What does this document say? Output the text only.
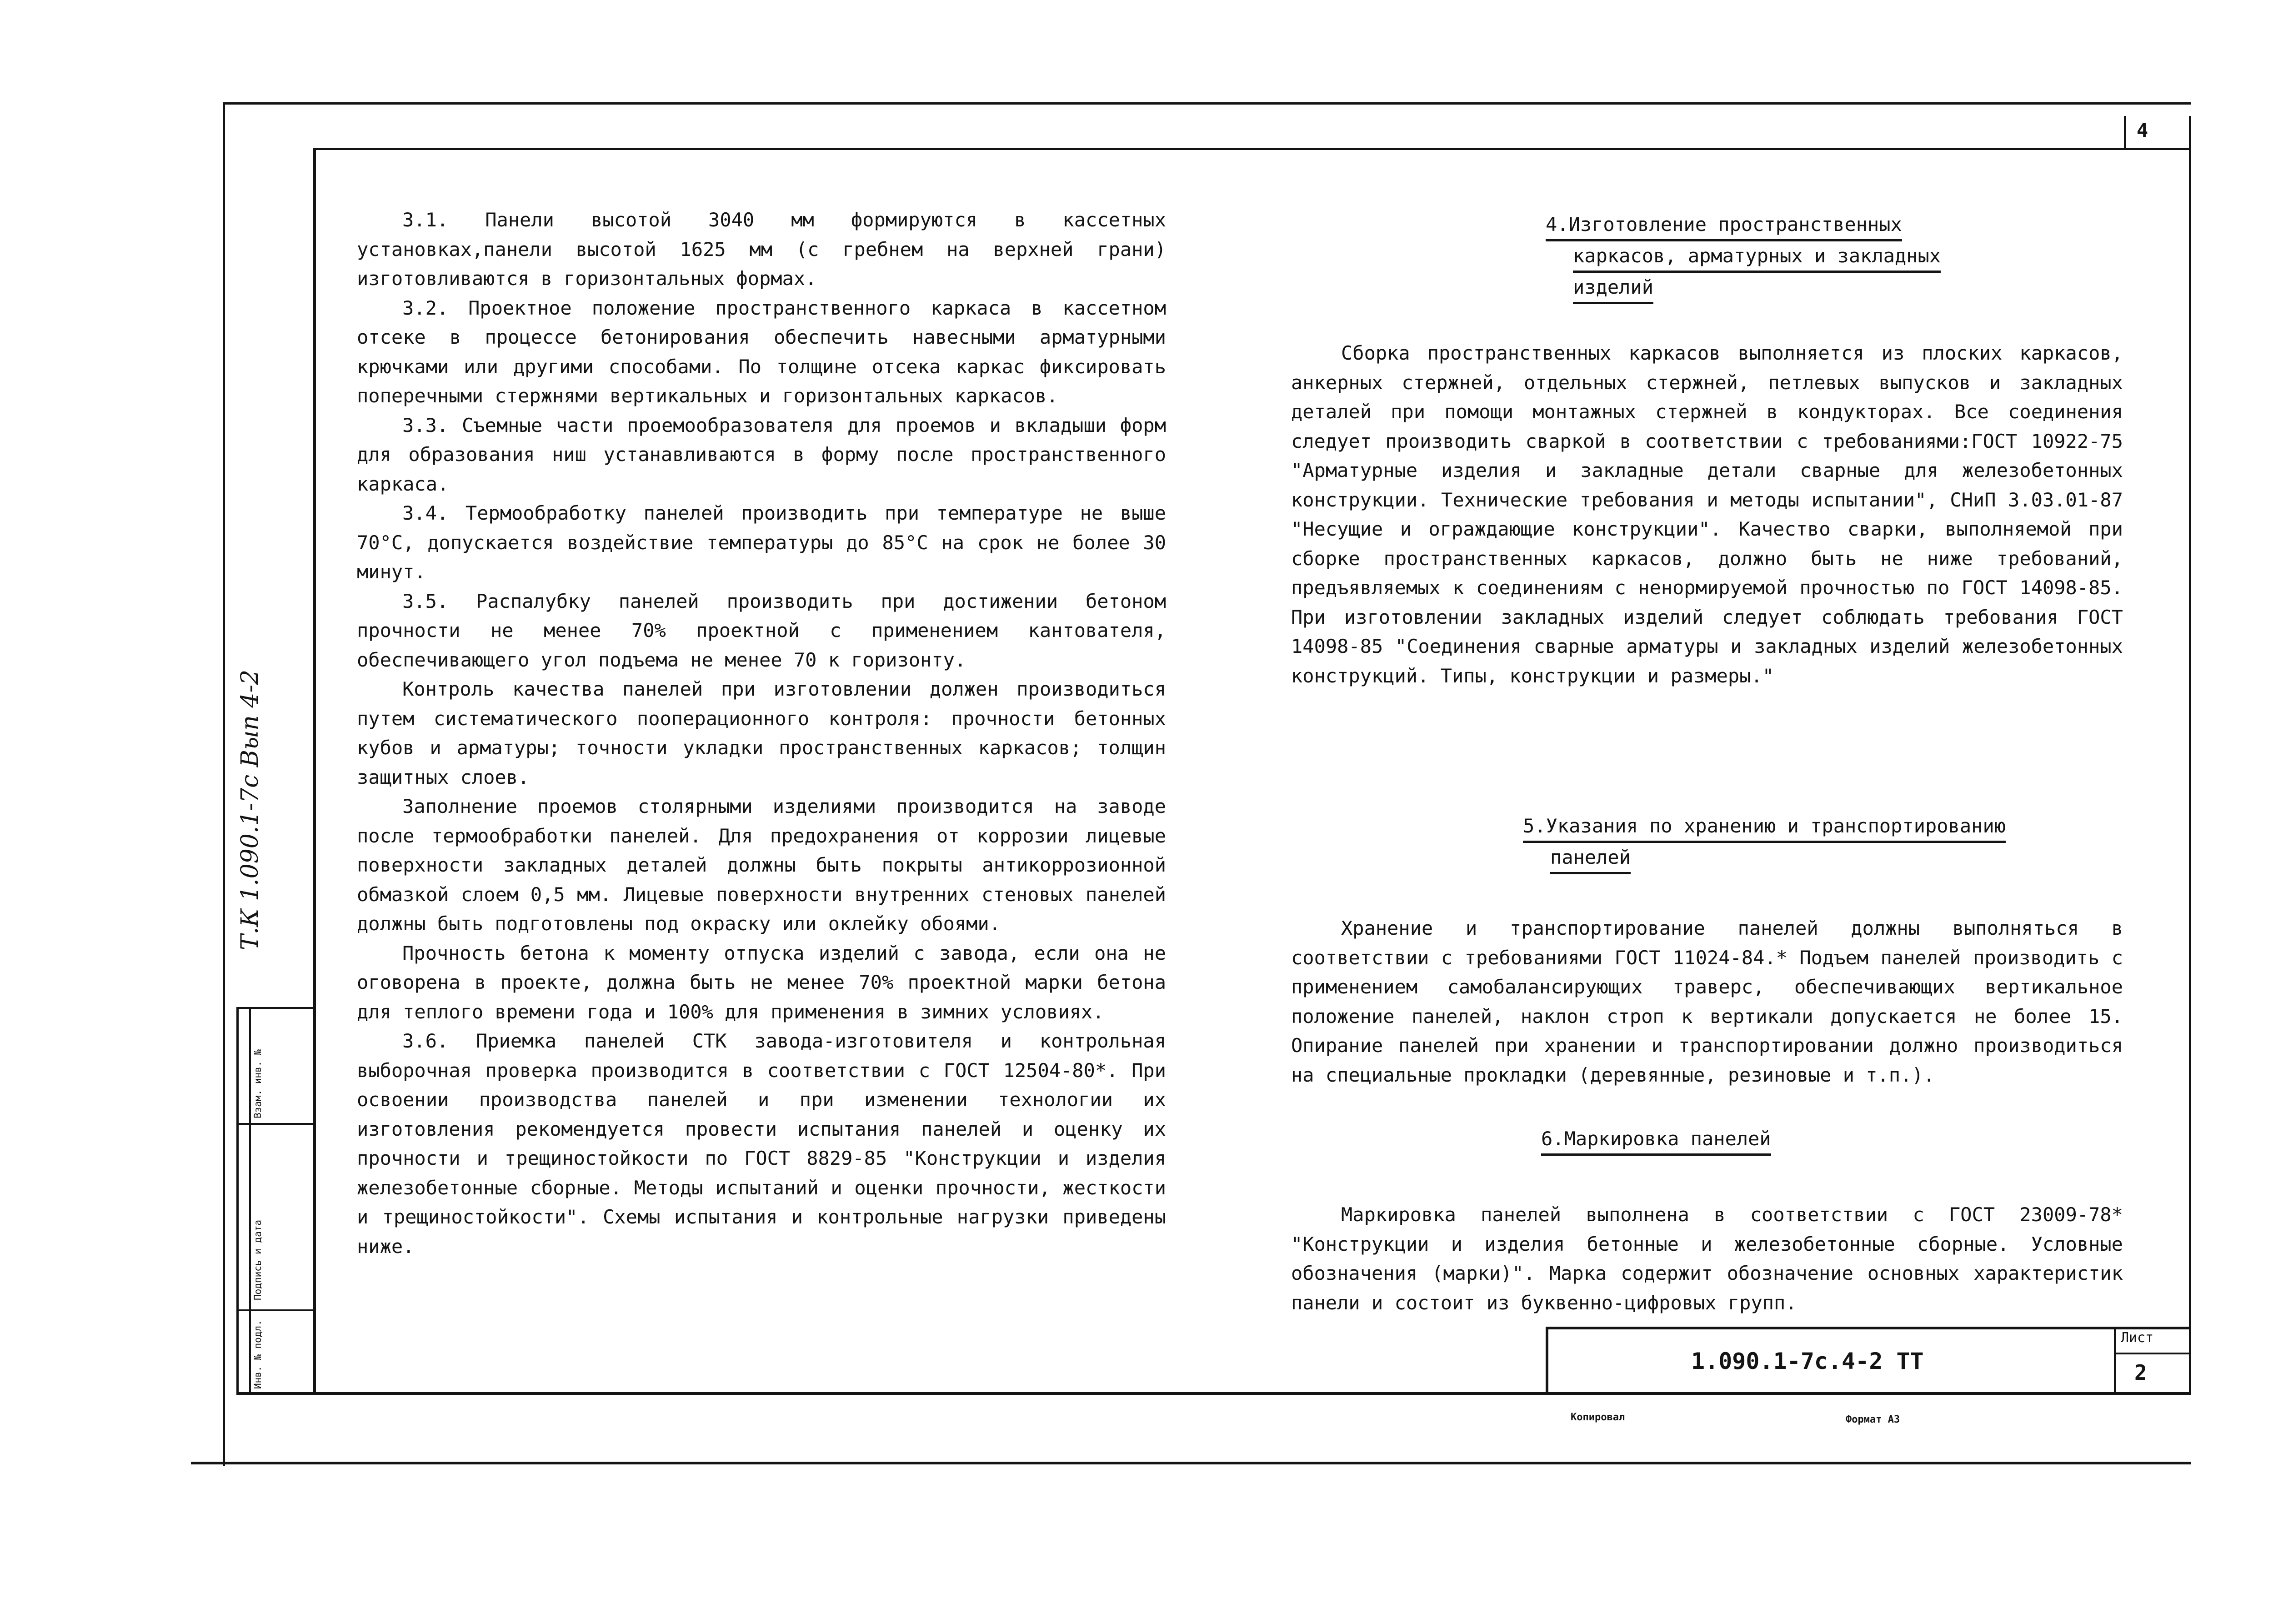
4
Т.К 1.090.1-7с Вып 4-2
Инв. № подл.
Подпись и дата
Взам. инв. №

3.1. Панели высотой 3040 мм формируются в кассетных установках,панели высотой 1625 мм (с гребнем на верхней грани) изготовливаются в горизонтальных формах.

3.2. Проектное положение пространственного каркаса в кассетном отсеке в процессе бетонирования обеспечить навесными арматурными крючками или другими способами. По толщине отсека каркас фиксировать поперечными стержнями вертикальных и горизонтальных каркасов.

3.3. Съемные части проемообразователя для проемов и вкладыши форм для образования ниш устанавливаются в форму после пространственного каркаса.

3.4. Термообработку панелей производить при температуре не выше 70°С, допускается воздействие температуры до 85°С на срок не более 30 минут.

3.5. Распалубку панелей производить при достижении бетоном прочности не менее 70% проектной с применением кантователя, обеспечивающего угол подъема не менее 70 к горизонту.

Контроль качества панелей при изготовлении должен производиться путем систематического пооперационного контроля: прочности бетонных кубов и арматуры; точности укладки пространственных каркасов; толщин защитных слоев.

Заполнение проемов столярными изделиями производится на заводе после термообработки панелей. Для предохранения от коррозии лицевые поверхности закладных деталей должны быть покрыты антикоррозионной обмазкой слоем 0,5 мм. Лицевые поверхности внутренних стеновых панелей должны быть подготовлены под окраску или оклейку обоями.

Прочность бетона к моменту отпуска изделий с завода, если она не оговорена в проекте, должна быть не менее 70% проектной марки бетона для теплого времени года и 100% для применения в зимних условиях.

3.6. Приемка панелей СТК завода-изготовителя и контрольная выборочная проверка производится в соответствии с ГОСТ 12504-80*. При освоении производства панелей и при изменении технологии их изготовления рекомендуется провести испытания панелей и оценку их прочности и трещиностойкости по ГОСТ 8829-85 "Конструкции и изделия железобетонные сборные. Методы испытаний и оценки прочности, жесткости и трещиностойкости". Схемы испытания и контрольные нагрузки приведены ниже.

4.Изготовление пространственных
каркасов, арматурных и закладных
изделий

Сборка пространственных каркасов выполняется из плоских каркасов, анкерных стержней, отдельных стержней, петлевых выпусков и закладных деталей при помощи монтажных стержней в кондукторах. Все соединения следует производить сваркой в соответствии с требованиями:ГОСТ 10922-75 "Арматурные изделия и закладные детали сварные для железобетонных конструкции. Технические требования и методы испытании", СНиП 3.03.01-87 "Несущие и ограждающие конструкции". Качество сварки, выполняемой при сборке пространственных каркасов, должно быть не ниже требований, предъявляемых к соединениям с ненормируемой прочностью по ГОСТ 14098-85. При изготовлении закладных изделий следует соблюдать требования ГОСТ 14098-85 "Соединения сварные арматуры и закладных изделий железобетонных конструкций. Типы, конструкции и размеры."

5.Указания по хранению и транспортированию
панелей

Хранение и транспортирование панелей должны выполняться в соответствии с требованиями ГОСТ 11024-84.* Подъем панелей производить с применением самобалансирующих траверс, обеспечивающих вертикальное положение панелей, наклон строп к вертикали допускается не более 15. Опирание панелей при хранении и транспортировании должно производиться на специальные прокладки (деревянные, резиновые и т.п.).

6.Маркировка панелей

Маркировка панелей выполнена в соответствии с ГОСТ 23009-78* "Конструкции и изделия бетонные и железобетонные сборные. Условные обозначения (марки)". Марка содержит обозначение основных характеристик панели и состоит из буквенно-цифровых групп.

1.090.1-7с.4-2 ТТ
Лист
2
Копировал	Формат А3
